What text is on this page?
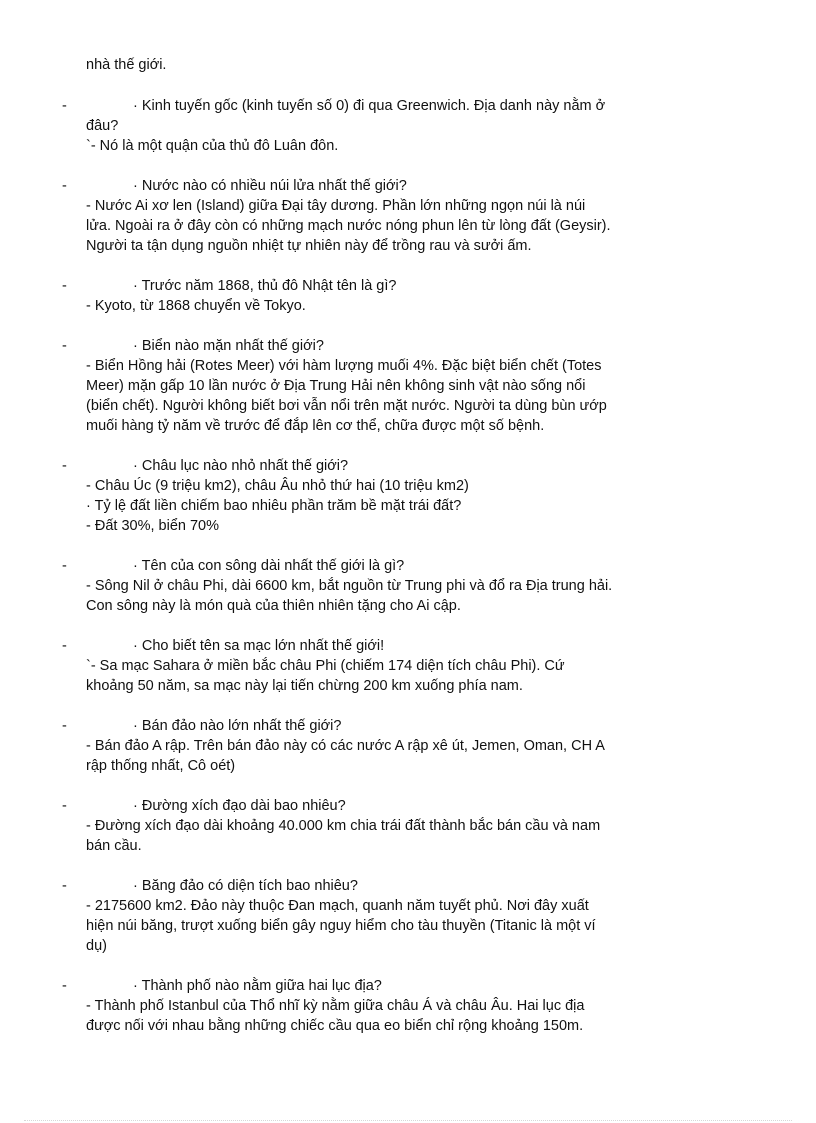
nhà thế giới.
-	· Kinh tuyến gốc (kinh tuyến số 0) đi qua Greenwich. Địa danh này nằm ở
đâu?
`- Nó là một quận của thủ đô Luân đôn.
-	· Nước nào có nhiều núi lửa nhất thế giới?
- Nước Ai xơ len (Island) giữa Đại tây dương. Phần lớn những ngọn núi là núi
lửa. Ngoài ra ở đây còn có những mạch nước nóng phun lên từ lòng đất (Geysir).
Người ta tận dụng nguồn nhiệt tự nhiên này để trồng rau và sưởi ấm.
-	· Trước năm 1868, thủ đô Nhật tên là gì?
- Kyoto, từ 1868 chuyển về Tokyo.
-	· Biển nào mặn nhất thế giới?
- Biển Hồng hải (Rotes Meer) với hàm lượng muối 4%. Đặc biệt biển chết (Totes
Meer) mặn gấp 10 lần nước ở Địa Trung Hải nên không sinh vật nào sống nổi
(biển chết). Người không biết bơi vẫn nổi trên mặt nước. Người ta dùng bùn ướp
muối hàng tỷ năm về trước để đắp lên cơ thể, chữa được một số bệnh.
-	· Châu lục nào nhỏ nhất thế giới?
- Châu Úc (9 triệu km2), châu Âu nhỏ thứ hai (10 triệu km2)
· Tỷ lệ đất liền chiếm bao nhiêu phần trăm bề mặt trái đất?
- Đất 30%, biển 70%
-	· Tên của con sông dài nhất thế giới là gì?
- Sông Nil ở châu Phi, dài 6600 km, bắt nguồn từ Trung phi và đổ ra Địa trung hải.
Con sông này là món quà của thiên nhiên tặng cho Ai cập.
-	· Cho biết tên sa mạc lớn nhất thế giới!
`- Sa mạc Sahara ở miền bắc châu Phi (chiếm 174 diện tích châu Phi). Cứ
khoảng 50 năm, sa mạc này lại tiến chừng 200 km xuống phía nam.
-	· Bán đảo nào lớn nhất thế giới?
- Bán đảo A rập. Trên bán đảo này có các nước A rập xê út, Jemen, Oman, CH A
rập thống nhất, Cô oét)
-	· Đường xích đạo dài bao nhiêu?
- Đường xích đạo dài khoảng 40.000 km chia trái đất thành bắc bán cầu và nam
bán cầu.
-	· Băng đảo có diện tích bao nhiêu?
- 2175600 km2. Đảo này thuộc Đan mạch, quanh năm tuyết phủ. Nơi đây xuất
hiện núi băng, trượt xuống biển gây nguy hiểm cho tàu thuyền (Titanic là một ví
dụ)
-	· Thành phố nào nằm giữa hai lục địa?
- Thành phố Istanbul của Thổ nhĩ kỳ nằm giữa châu Á và châu Âu. Hai lục địa
được nối với nhau bằng những chiếc cầu qua eo biển chỉ rộng khoảng 150m.
